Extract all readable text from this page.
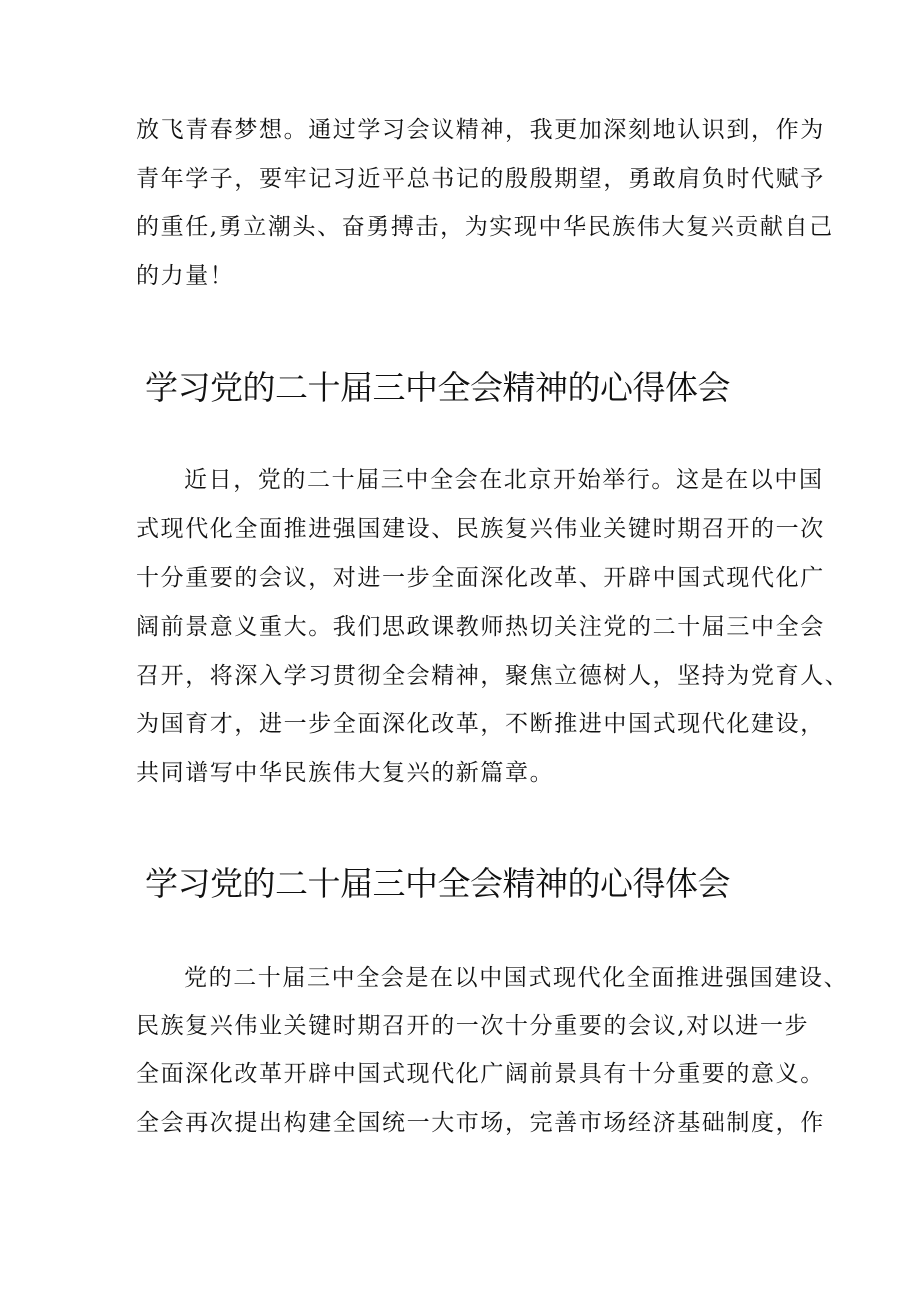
放飞青春梦想。通过学习会议精神，我更加深刻地认识到，作为
青年学子，要牢记习近平总书记的殷殷期望，勇敢肩负时代赋予
的重任,勇立潮头、奋勇搏击，为实现中华民族伟大复兴贡献自己
的力量！
学习党的二十届三中全会精神的心得体会
近日，党的二十届三中全会在北京开始举行。这是在以中国
式现代化全面推进强国建设、民族复兴伟业关键时期召开的一次
十分重要的会议，对进一步全面深化改革、开辟中国式现代化广
阔前景意义重大。我们思政课教师热切关注党的二十届三中全会
召开，将深入学习贯彻全会精神，聚焦立德树人，坚持为党育人、
为国育才，进一步全面深化改革，不断推进中国式现代化建设，
共同谱写中华民族伟大复兴的新篇章。
学习党的二十届三中全会精神的心得体会
党的二十届三中全会是在以中国式现代化全面推进强国建设、
民族复兴伟业关键时期召开的一次十分重要的会议,对以进一步
全面深化改革开辟中国式现代化广阔前景具有十分重要的意义。
全会再次提出构建全国统一大市场，完善市场经济基础制度，作
